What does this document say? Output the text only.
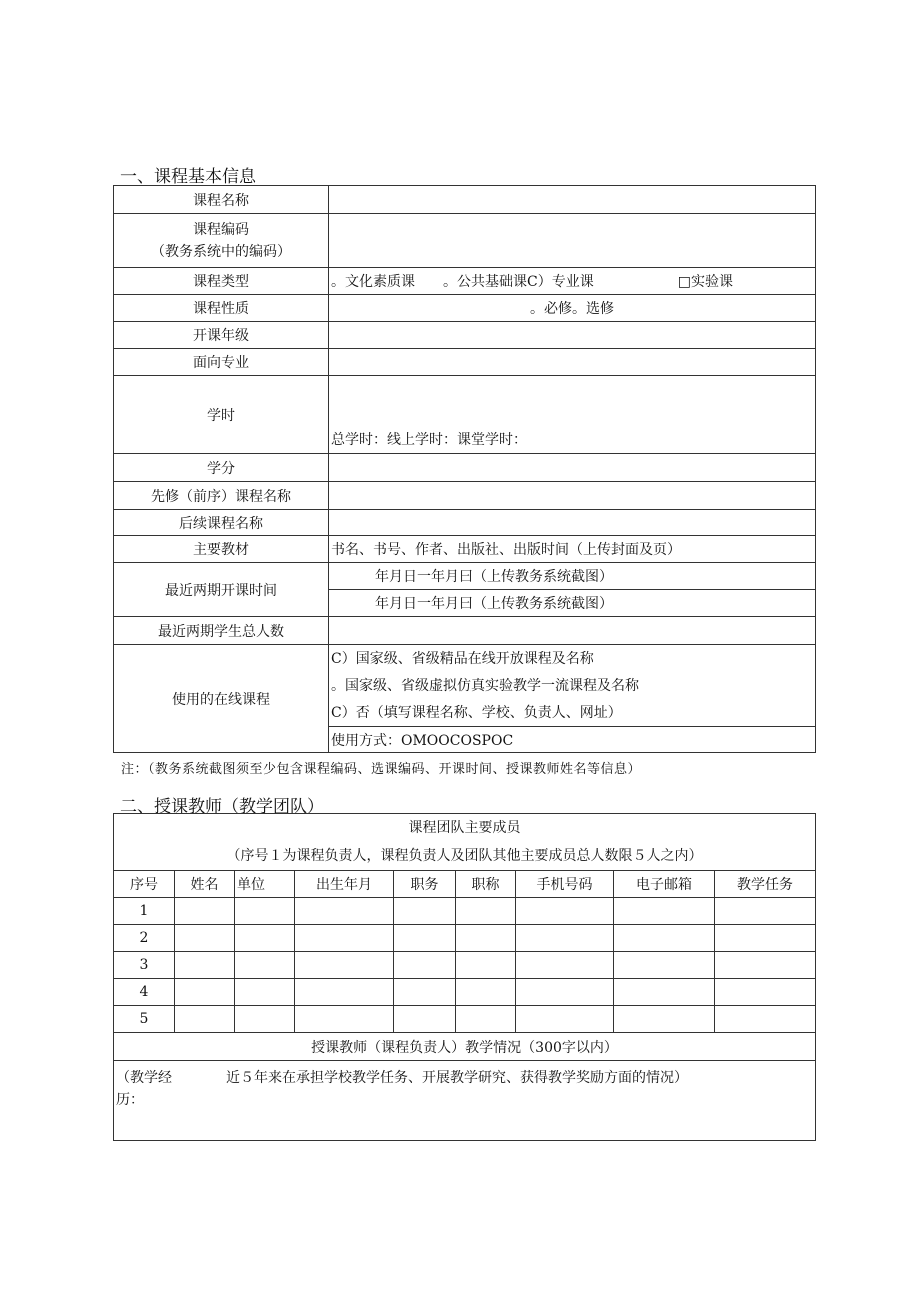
一、课程基本信息
课程名称	

课程编码
（教务系统中的编码）	

课程类型	。文化素质课　　。公共基础课C）专业课　　　　　　□实验课
课程性质	。必修。选修
开课年级	
面向专业	
学时	总学时：线上学时：课堂学时：
学分	
先修（前序）课程名称	
后续课程名称	
主要教材	书名、书号、作者、出版社、出版时间（上传封面及页）
最近两期开课时间	年月日一年月曰（上传教务系统截图）
	年月日一年月曰（上传教务系统截图）
最近两期学生总人数	
使用的在线课程	C）国家级、省级精品在线开放课程及名称
	。国家级、省级虚拟仿真实验教学一流课程及名称
	C）否（填写课程名称、学校、负责人、网址）
	使用方式：OMOOCOSPOC
注：（教务系统截图须至少包含课程编码、选课编码、开课时间、授课教师姓名等信息）
二、授课教师（教学团队）
课程团队主要成员
（序号１为课程负责人，课程负责人及团队其他主要成员总人数限５人之内）								

序号	姓名	单位	出生年月	职务	职称	手机号码	电子邮箱	教学任务
1								
2								
3								
4								
5								
授课教师（课程负责人）教学情况（300字以内）								

（教学经 近５年来在承担学校教学任务、开展教学研究、获得教学奖励方面的情况）
历：								
